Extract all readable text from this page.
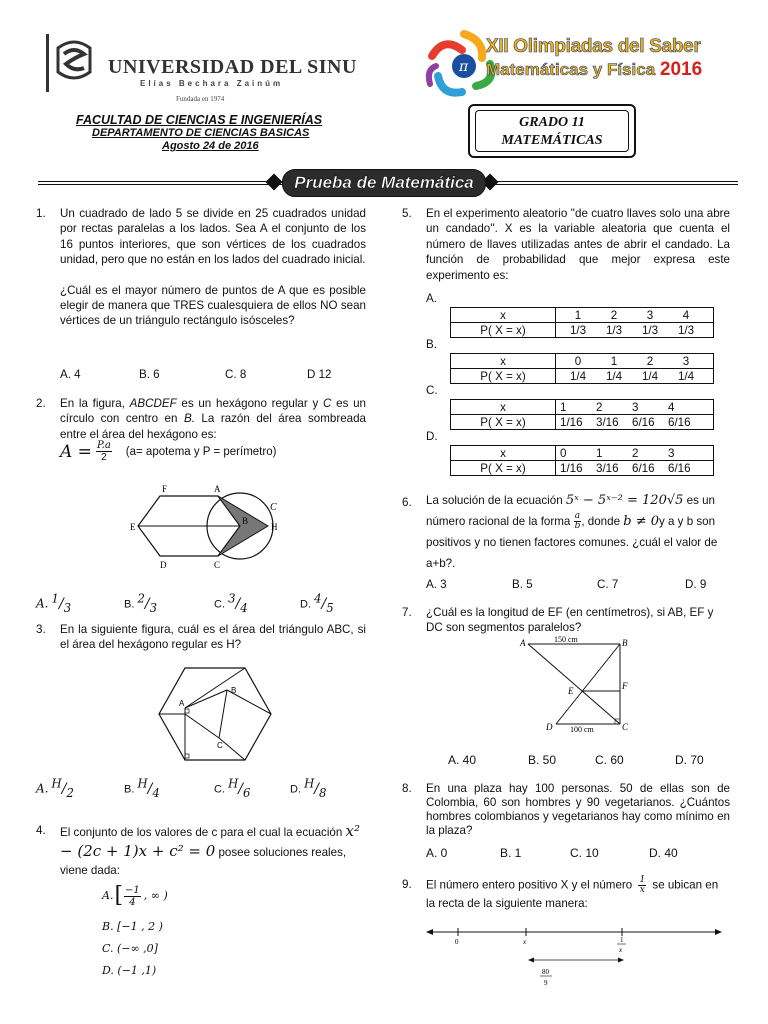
UNIVERSIDAD DEL SINU
Elías Bechara Zainúm
Fundada en 1974
FACULTAD DE CIENCIAS E INGENIERÍAS
DEPARTAMENTO DE CIENCIAS BASICAS
Agosto 24 de 2016
π
XII Olimpiadas del Saber
Matemáticas y Física 2016
GRADO 11
MATEMÁTICAS
Prueba de Matemática
1. Un cuadrado de lado 5 se divide en 25 cuadrados unidad por rectas paralelas a los lados. Sea A el conjunto de los 16 puntos interiores, que son vértices de los cuadrados unidad, pero que no están en los lados del cuadrado inicial.
¿Cuál es el mayor número de puntos de A que es posible elegir de manera que TRES cualesquiera de ellos NO sean vértices de un triángulo rectángulo isósceles?
A. 4	B. 6	C. 8	D 12
2. En la figura, ABCDEF es un hexágono regular y C es un círculo con centro en B. La razón del área sombreada entre el área del hexágono es:
$A = \frac{P.a}{2} (a=$ apotema y P = perímetro)
F	A
E
B
H
D	C
C
A. $^1/_3$	B. $^2/_3$	C. $^3/_4$	D. $^4/_5$
3. En la siguiente figura, cuál es el área del triángulo ABC, si el área del hexágono regular es H?
A
B
C
A. $^H/_2$	B. $^H/_4$	C. $^H/_6$	D. $^H/_8$
4. El conjunto de los valores de c para el cual la ecuación x² − (2c + 1)x + c² = 0 posee soluciones reales, viene dada:
A. [ $\frac{-1}{4}$ , ∞ )
B. [−1 , 2 )
C. (−∞ ,0]
D. (−1 ,1)
5. En el experimento aleatorio ''de cuatro llaves solo una abre un candado''. X es la variable aleatoria que cuenta el número de llaves utilizadas antes de abrir el candado. La función de probabilidad que mejor expresa este experimento es:
A.
x	1 2 3 4
P( X = x)	1/3 1/3 1/3 1/3
B.
x	0 1 2 3
P( X = x)	1/4 1/4 1/4 1/4
C.
x	1 2 3 4
P( X = x)	1/16 3/16 6/16 6/16
D.
x	0 1 2 3
P( X = x)	1/16 3/16 6/16 6/16
6. La solución de la ecuación 5ˣ − 5ˣ⁻² = 120√5 es un número racional de la forma $\frac{a}{b}$ , donde b ≠ 0y a y b son positivos y no tienen factores comunes. ¿cuál el valor de a+b?.
A. 3	B. 5	C. 7	D. 9
7. ¿Cuál es la longitud de EF (en centímetros), si AB, EF y DC son segmentos paralelos?
A	B
150 cm
E	F
D 100 cm	C
A. 40	B. 50	C. 60	D. 70
8. En una plaza hay 100 personas. 50 de ellas son de Colombia, 60 son hombres y 90 vegetarianos. ¿Cuántos hombres colombianos y vegetarianos hay como mínimo en la plaza?
A. 0	B. 1	C. 10	D. 40
9. El número entero positivo X y el número $\frac{1}{x}$ se ubican en la recta de la siguiente manera:
0	x	1
x
80
9
